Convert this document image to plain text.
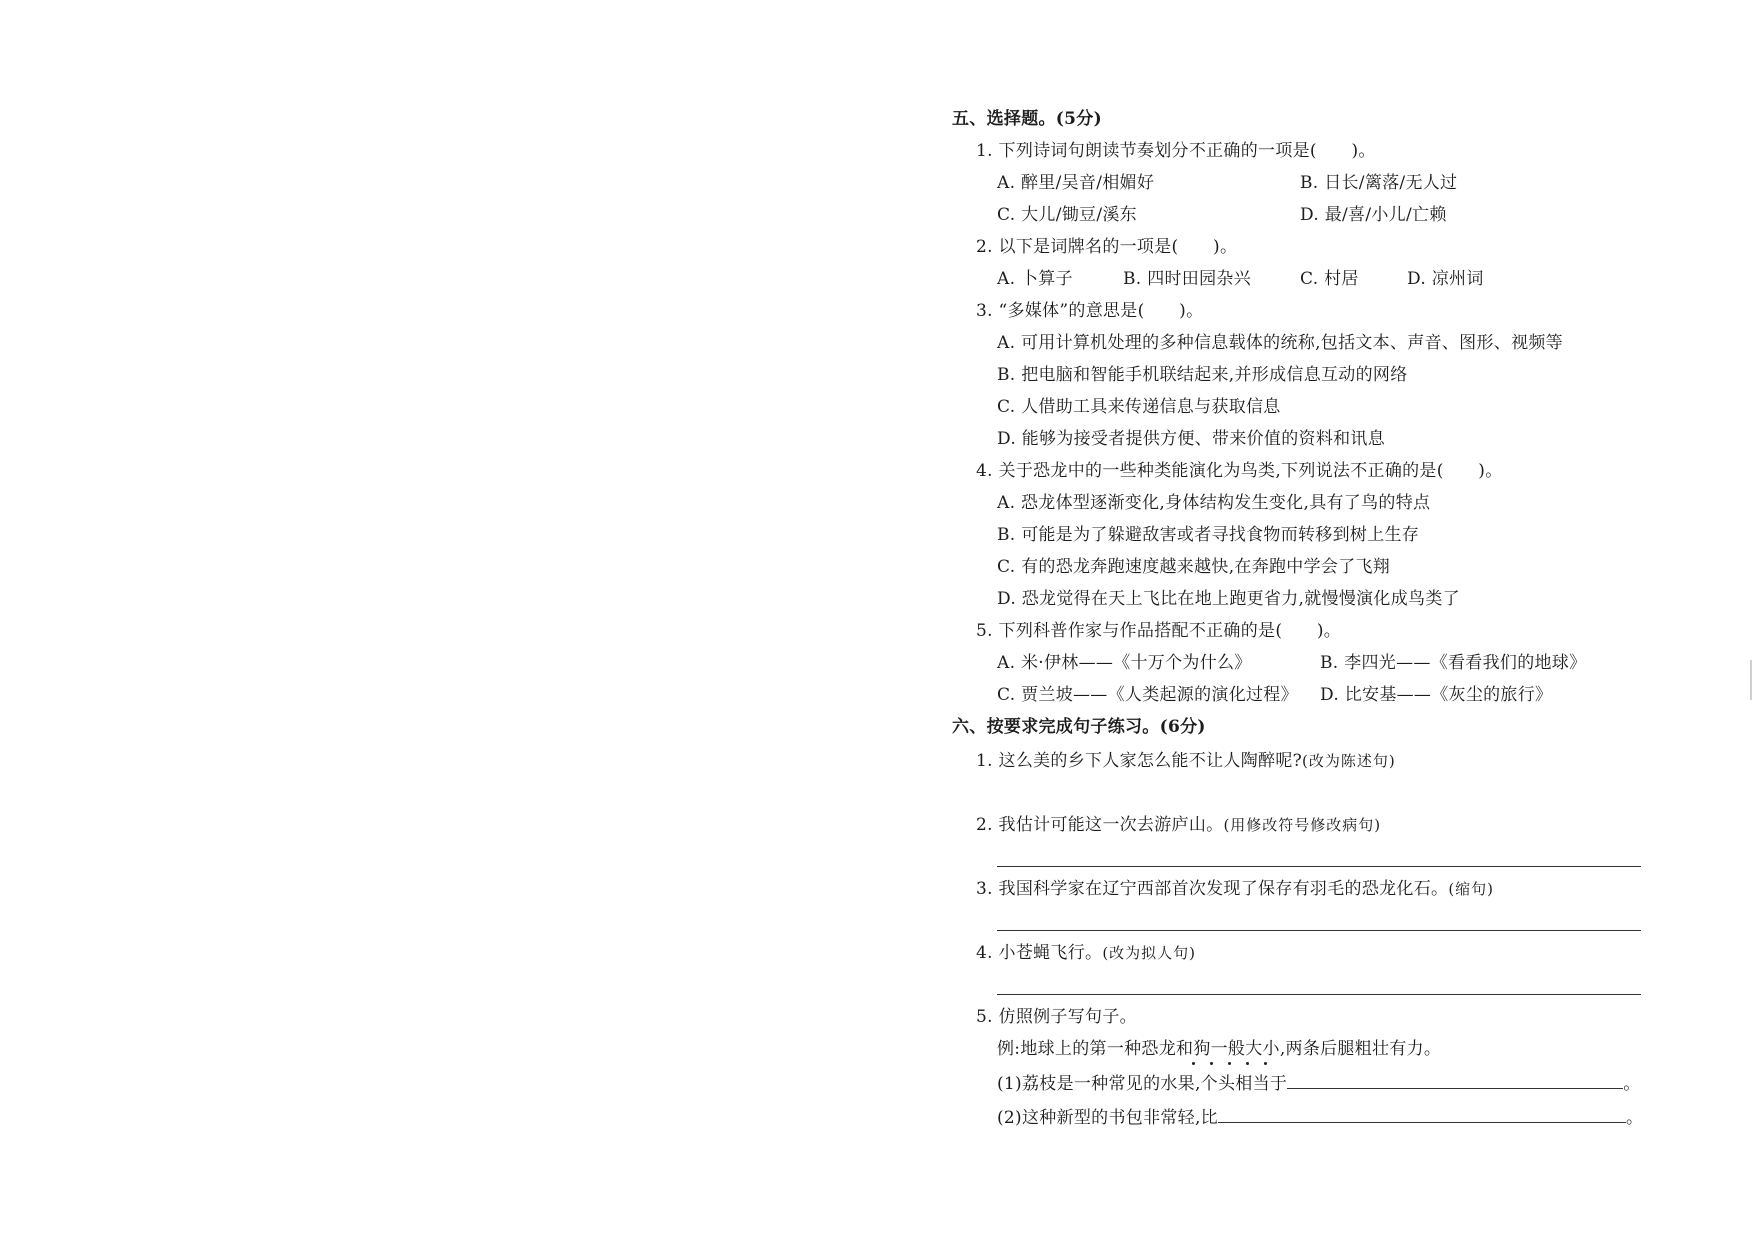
五、选择题。(5分)
1. 下列诗词句朗读节奏划分不正确的一项是(　　)。
A. 醉里/吴音/相媚好	B. 日长/篱落/无人过
C. 大儿/锄豆/溪东	D. 最/喜/小儿/亡赖
2. 以下是词牌名的一项是(　　)。
A. 卜算子	B. 四时田园杂兴	C. 村居	D. 凉州词
3. “多媒体”的意思是(　　)。
A. 可用计算机处理的多种信息载体的统称,包括文本、声音、图形、视频等
B. 把电脑和智能手机联结起来,并形成信息互动的网络
C. 人借助工具来传递信息与获取信息
D. 能够为接受者提供方便、带来价值的资料和讯息
4. 关于恐龙中的一些种类能演化为鸟类,下列说法不正确的是(　　)。
A. 恐龙体型逐渐变化,身体结构发生变化,具有了鸟的特点
B. 可能是为了躲避敌害或者寻找食物而转移到树上生存
C. 有的恐龙奔跑速度越来越快,在奔跑中学会了飞翔
D. 恐龙觉得在天上飞比在地上跑更省力,就慢慢演化成鸟类了
5. 下列科普作家与作品搭配不正确的是(　　)。
A. 米·伊林——《十万个为什么》	B. 李四光——《看看我们的地球》
C. 贾兰坡——《人类起源的演化过程》 D. 比安基——《灰尘的旅行》
六、按要求完成句子练习。(6分)
1. 这么美的乡下人家怎么能不让人陶醉呢?(改为陈述句)
2. 我估计可能这一次去游庐山。(用修改符号修改病句)
3. 我国科学家在辽宁西部首次发现了保存有羽毛的恐龙化石。(缩句)
4. 小苍蝇飞行。(改为拟人句)
5. 仿照例子写句子。
例:地球上的第一种恐龙和狗一般大小,两条后腿粗壮有力。
(1)荔枝是一种常见的水果,个头相当于	。
(2)这种新型的书包非常轻,比	。
